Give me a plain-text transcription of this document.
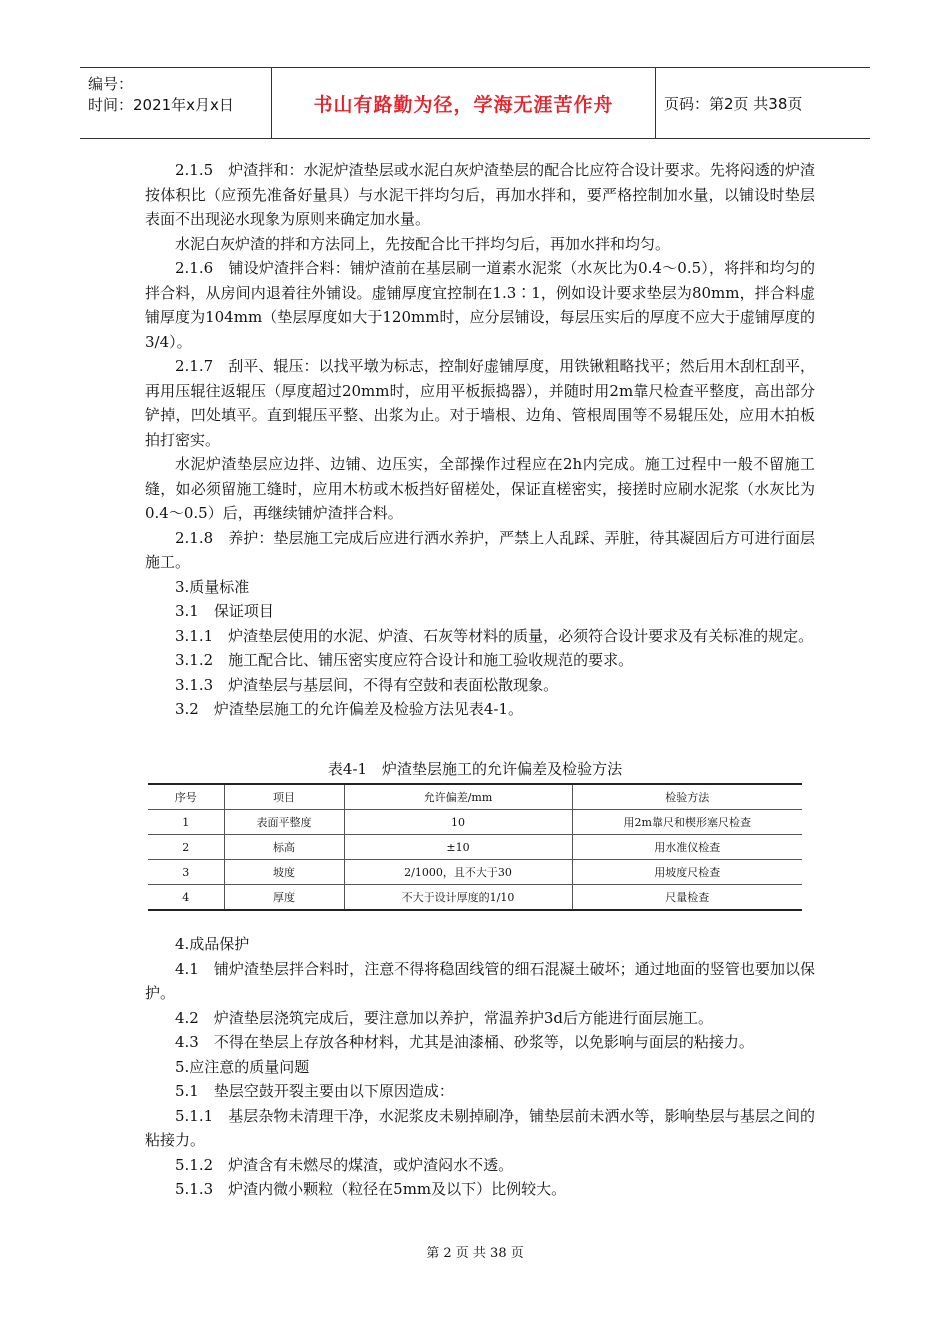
编号：
时间：2021年x月x日	书山有路勤为径，学海无涯苦作舟	页码：第2页 共38页

2.1.5　炉渣拌和：水泥炉渣垫层或水泥白灰炉渣垫层的配合比应符合设计要求。先将闷透的炉渣按体积比（应预先准备好量具）与水泥干拌均匀后，再加水拌和，要严格控制加水量，以铺设时垫层表面不出现泌水现象为原则来确定加水量。

水泥白灰炉渣的拌和方法同上，先按配合比干拌均匀后，再加水拌和均匀。

2.1.6　铺设炉渣拌合料：铺炉渣前在基层刷一道素水泥浆（水灰比为0.4～0.5），将拌和均匀的拌合料，从房间内退着往外铺设。虚铺厚度宜控制在1.3∶1，例如设计要求垫层为80mm，拌合料虚铺厚度为104mm（垫层厚度如大于120mm时，应分层铺设，每层压实后的厚度不应大于虚铺厚度的3/4）。

2.1.7　刮平、辊压：以找平墩为标志，控制好虚铺厚度，用铁锹粗略找平；然后用木刮杠刮平，再用压辊往返辊压（厚度超过20mm时，应用平板振捣器），并随时用2m靠尺检查平整度，高出部分铲掉，凹处填平。直到辊压平整、出浆为止。对于墙根、边角、管根周围等不易辊压处，应用木拍板拍打密实。

水泥炉渣垫层应边拌、边铺、边压实，全部操作过程应在2h内完成。施工过程中一般不留施工缝，如必须留施工缝时，应用木枋或木板挡好留槎处，保证直槎密实，接搓时应刷水泥浆（水灰比为0.4～0.5）后，再继续铺炉渣拌合料。

2.1.8　养护：垫层施工完成后应进行洒水养护，严禁上人乱踩、弄脏，待其凝固后方可进行面层施工。

3.质量标准

3.1　保证项目

3.1.1　炉渣垫层使用的水泥、炉渣、石灰等材料的质量，必须符合设计要求及有关标准的规定。

3.1.2　施工配合比、铺压密实度应符合设计和施工验收规范的要求。

3.1.3　炉渣垫层与基层间，不得有空鼓和表面松散现象。

3.2　炉渣垫层施工的允许偏差及检验方法见表4-1。

表4-1　炉渣垫层施工的允许偏差及检验方法
序号	项目	允许偏差/mm	检验方法
1	表面平整度	10	用2m靠尺和楔形塞尺检查
2	标高	±10	用水准仪检查
3	坡度	2/1000，且不大于30	用坡度尺检查
4	厚度	不大于设计厚度的1/10	尺量检查

4.成品保护

4.1　铺炉渣垫层拌合料时，注意不得将稳固线管的细石混凝土破坏；通过地面的竖管也要加以保护。

4.2　炉渣垫层浇筑完成后，要注意加以养护，常温养护3d后方能进行面层施工。

4.3　不得在垫层上存放各种材料，尤其是油漆桶、砂浆等，以免影响与面层的粘接力。

5.应注意的质量问题

5.1　垫层空鼓开裂主要由以下原因造成：

5.1.1　基层杂物未清理干净，水泥浆皮未剔掉刷净，铺垫层前未洒水等，影响垫层与基层之间的粘接力。

5.1.2　炉渣含有未燃尽的煤渣，或炉渣闷水不透。

5.1.3　炉渣内微小颗粒（粒径在5mm及以下）比例较大。

第 2 页 共 38 页
